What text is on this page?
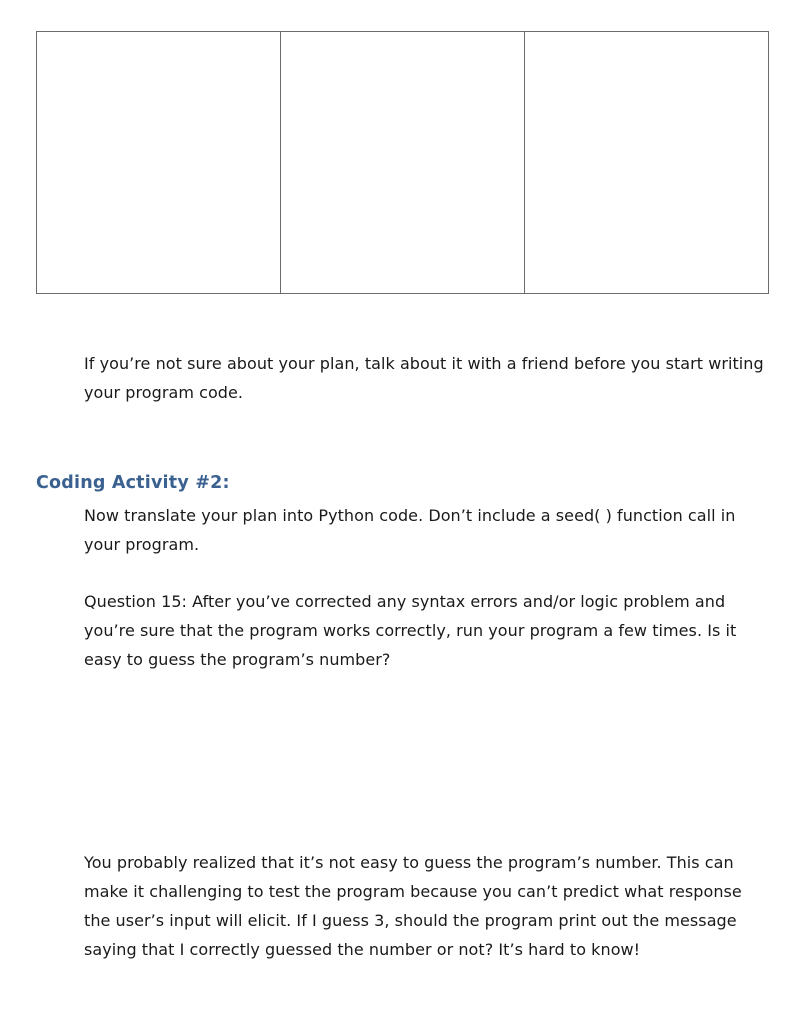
If you’re not sure about your plan, talk about it with a friend before you start writing your program code.

Coding Activity #2:

Now translate your plan into Python code. Don’t include a seed( ) function call in your program.

Question 15: After you’ve corrected any syntax errors and/or logic problem and you’re sure that the program works correctly, run your program a few times. Is it easy to guess the program’s number?

You probably realized that it’s not easy to guess the program’s number. This can make it challenging to test the program because you can’t predict what response the user’s input will elicit. If I guess 3, should the program print out the message saying that I correctly guessed the number or not? It’s hard to know!
